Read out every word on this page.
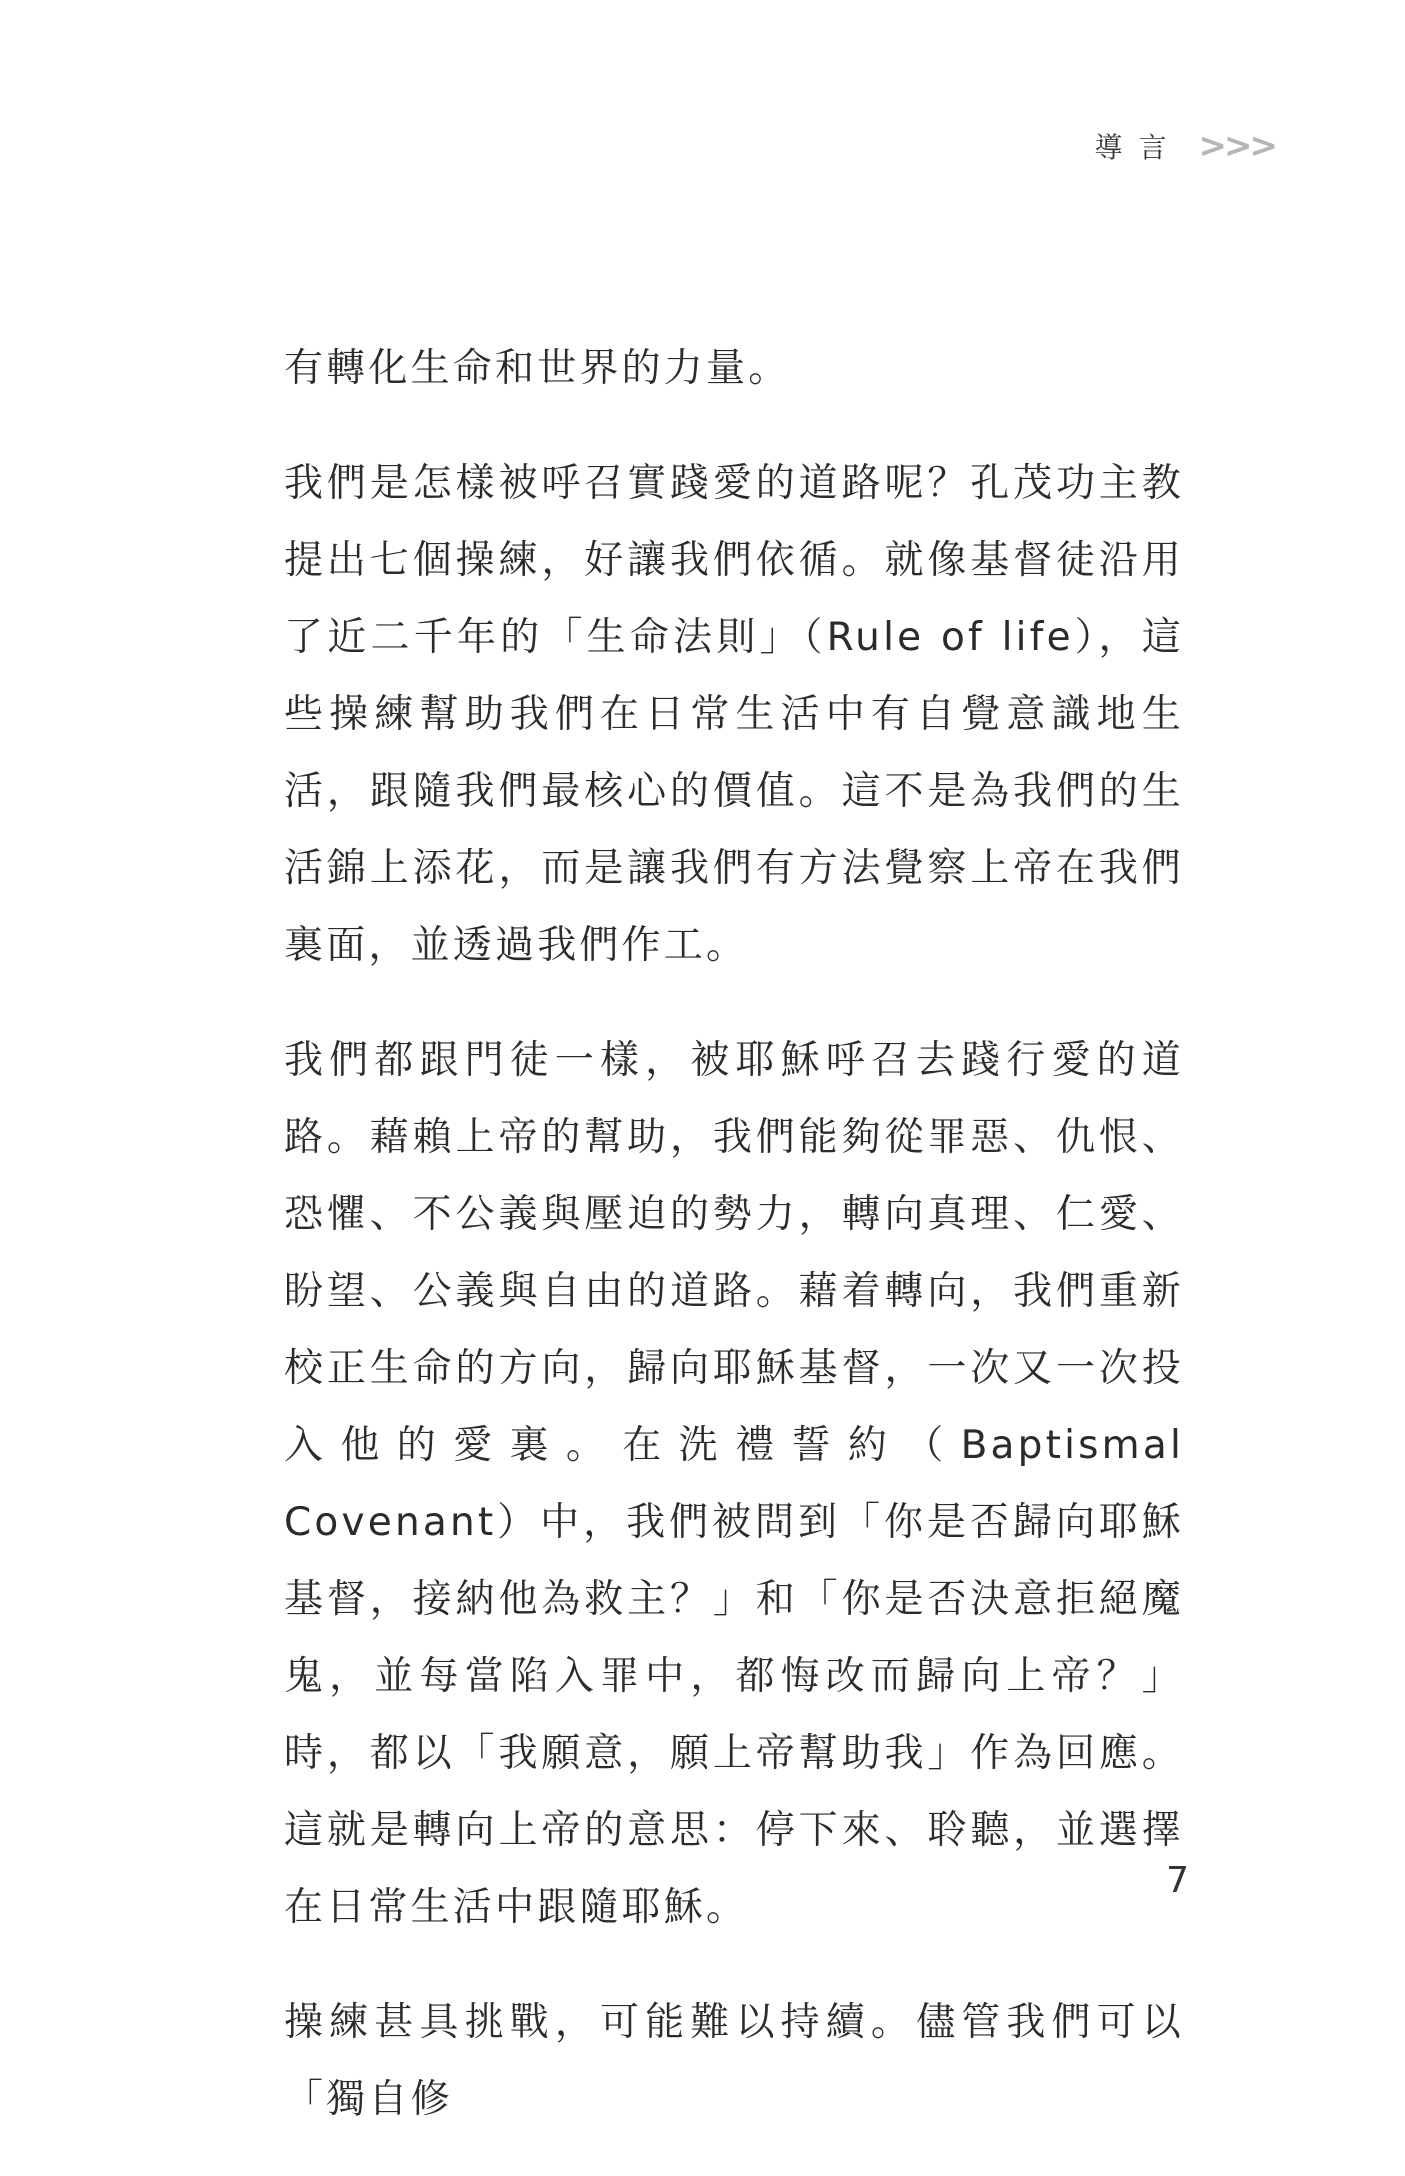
導言 >>>

有轉化生命和世界的力量。

我們是怎樣被呼召實踐愛的道路呢？孔茂功主教提出七個操練，好讓我們依循。就像基督徒沿用了近二千年的「生命法則」（Rule of life），這些操練幫助我們在日常生活中有自覺意識地生活，跟隨我們最核心的價值。這不是為我們的生活錦上添花，而是讓我們有方法覺察上帝在我們裏面，並透過我們作工。

我們都跟門徒一樣，被耶穌呼召去踐行愛的道路。藉賴上帝的幫助，我們能夠從罪惡、仇恨、恐懼、不公義與壓迫的勢力，轉向真理、仁愛、盼望、公義與自由的道路。藉着轉向，我們重新校正生命的方向，歸向耶穌基督，一次又一次投入他的愛裏。在洗禮誓約（Baptismal Covenant）中，我們被問到「你是否歸向耶穌基督，接納他為救主？」和「你是否決意拒絕魔鬼，並每當陷入罪中，都悔改而歸向上帝？」時，都以「我願意，願上帝幫助我」作為回應。這就是轉向上帝的意思：停下來、聆聽，並選擇在日常生活中跟隨耶穌。

操練甚具挑戰，可能難以持續。儘管我們可以「獨自修

7
